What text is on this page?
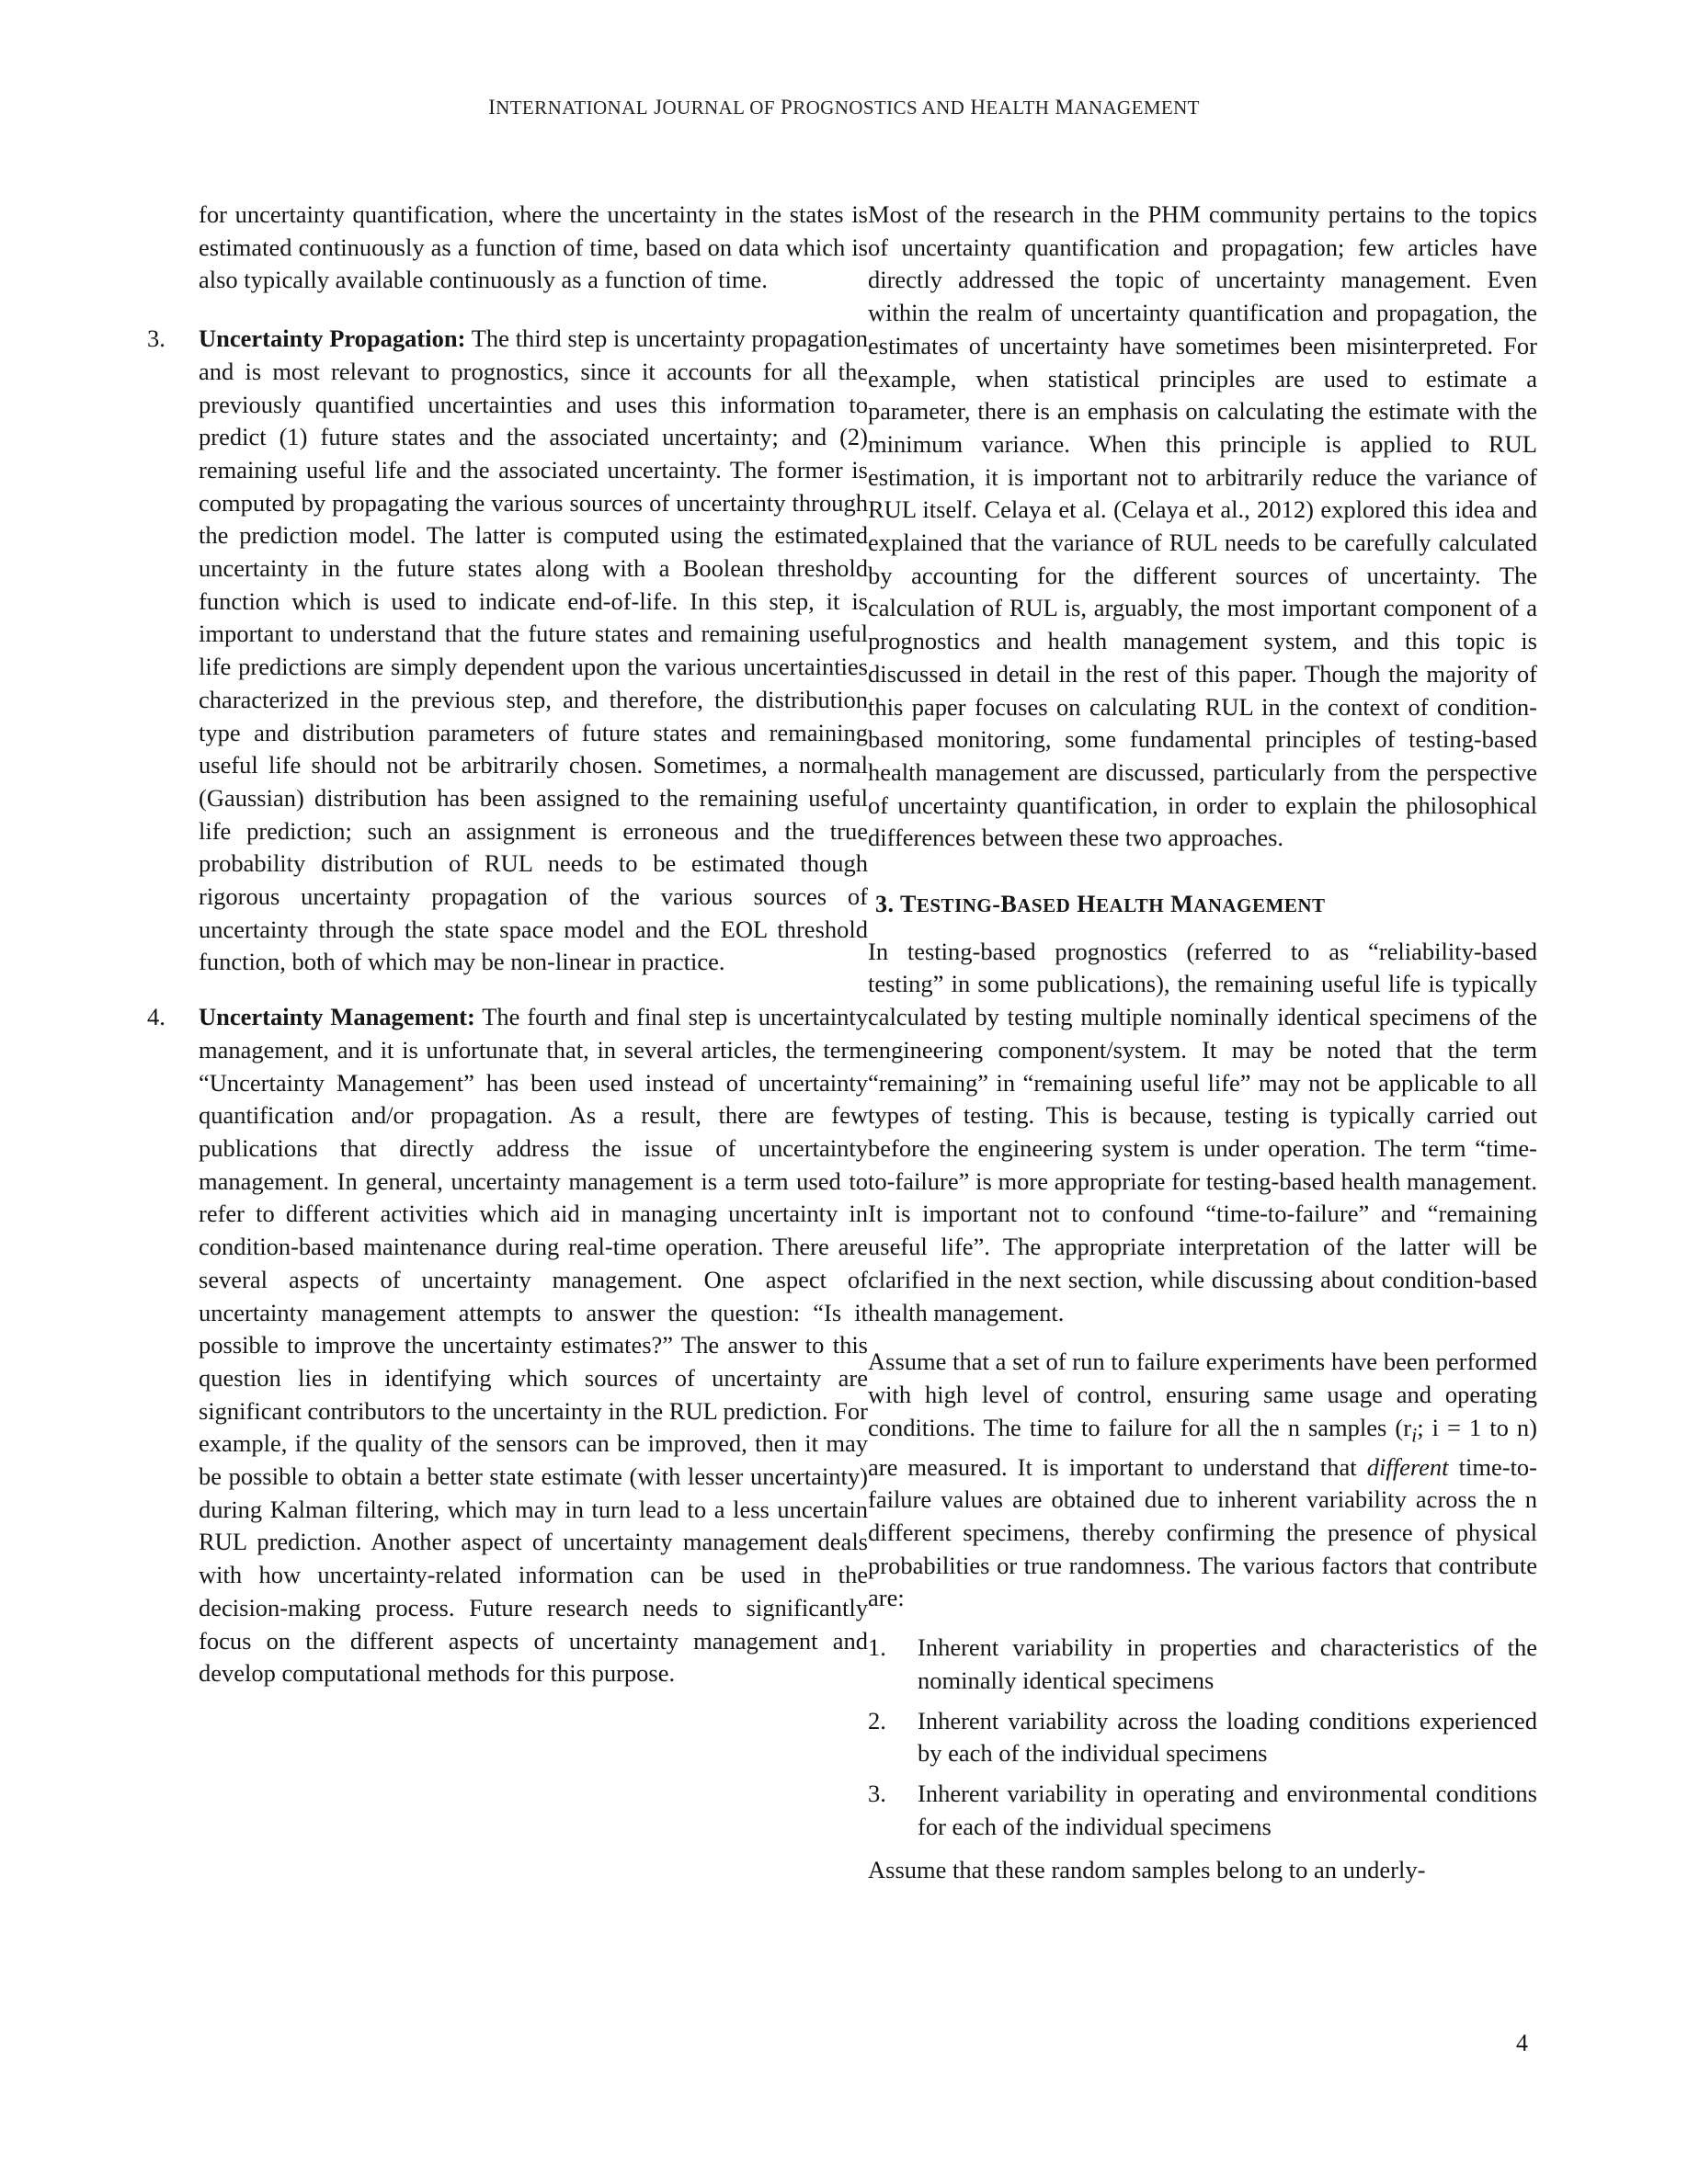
INTERNATIONAL JOURNAL OF PROGNOSTICS AND HEALTH MANAGEMENT

for uncertainty quantification, where the uncertainty in the states is estimated continuously as a function of time, based on data which is also typically available continuously as a function of time.

3. Uncertainty Propagation: The third step is uncertainty propagation and is most relevant to prognostics, since it accounts for all the previously quantified uncertainties and uses this information to predict (1) future states and the associated uncertainty; and (2) remaining useful life and the associated uncertainty. The former is computed by propagating the various sources of uncertainty through the prediction model. The latter is computed using the estimated uncertainty in the future states along with a Boolean threshold function which is used to indicate end-of-life. In this step, it is important to understand that the future states and remaining useful life predictions are simply dependent upon the various uncertainties characterized in the previous step, and therefore, the distribution type and distribution parameters of future states and remaining useful life should not be arbitrarily chosen. Sometimes, a normal (Gaussian) distribution has been assigned to the remaining useful life prediction; such an assignment is erroneous and the true probability distribution of RUL needs to be estimated though rigorous uncertainty propagation of the various sources of uncertainty through the state space model and the EOL threshold function, both of which may be non-linear in practice.

4. Uncertainty Management: The fourth and final step is uncertainty management, and it is unfortunate that, in several articles, the term “Uncertainty Management” has been used instead of uncertainty quantification and/or propagation. As a result, there are few publications that directly address the issue of uncertainty management. In general, uncertainty management is a term used to refer to different activities which aid in managing uncertainty in condition-based maintenance during real-time operation. There are several aspects of uncertainty management. One aspect of uncertainty management attempts to answer the question: “Is it possible to improve the uncertainty estimates?” The answer to this question lies in identifying which sources of uncertainty are significant contributors to the uncertainty in the RUL prediction. For example, if the quality of the sensors can be improved, then it may be possible to obtain a better state estimate (with lesser uncertainty) during Kalman filtering, which may in turn lead to a less uncertain RUL prediction. Another aspect of uncertainty management deals with how uncertainty-related information can be used in the decision-making process. Future research needs to significantly focus on the different aspects of uncertainty management and develop computational methods for this purpose.

Most of the research in the PHM community pertains to the topics of uncertainty quantification and propagation; few articles have directly addressed the topic of uncertainty management. Even within the realm of uncertainty quantification and propagation, the estimates of uncertainty have sometimes been misinterpreted. For example, when statistical principles are used to estimate a parameter, there is an emphasis on calculating the estimate with the minimum variance. When this principle is applied to RUL estimation, it is important not to arbitrarily reduce the variance of RUL itself. Celaya et al. (Celaya et al., 2012) explored this idea and explained that the variance of RUL needs to be carefully calculated by accounting for the different sources of uncertainty. The calculation of RUL is, arguably, the most important component of a prognostics and health management system, and this topic is discussed in detail in the rest of this paper. Though the majority of this paper focuses on calculating RUL in the context of condition-based monitoring, some fundamental principles of testing-based health management are discussed, particularly from the perspective of uncertainty quantification, in order to explain the philosophical differences between these two approaches.

3. TESTING-BASED HEALTH MANAGEMENT

In testing-based prognostics (referred to as “reliability-based testing” in some publications), the remaining useful life is typically calculated by testing multiple nominally identical specimens of the engineering component/system. It may be noted that the term “remaining” in “remaining useful life” may not be applicable to all types of testing. This is because, testing is typically carried out before the engineering system is under operation. The term “time-to-failure” is more appropriate for testing-based health management. It is important not to confound “time-to-failure” and “remaining useful life”. The appropriate interpretation of the latter will be clarified in the next section, while discussing about condition-based health management.

Assume that a set of run to failure experiments have been performed with high level of control, ensuring same usage and operating conditions. The time to failure for all the n samples ($r_i$; i = 1 to n) are measured. It is important to understand that different time-to-failure values are obtained due to inherent variability across the n different specimens, thereby confirming the presence of physical probabilities or true randomness. The various factors that contribute are:

1. Inherent variability in properties and characteristics of the nominally identical specimens
2. Inherent variability across the loading conditions experienced by each of the individual specimens
3. Inherent variability in operating and environmental conditions for each of the individual specimens

Assume that these random samples belong to an underly-

4
